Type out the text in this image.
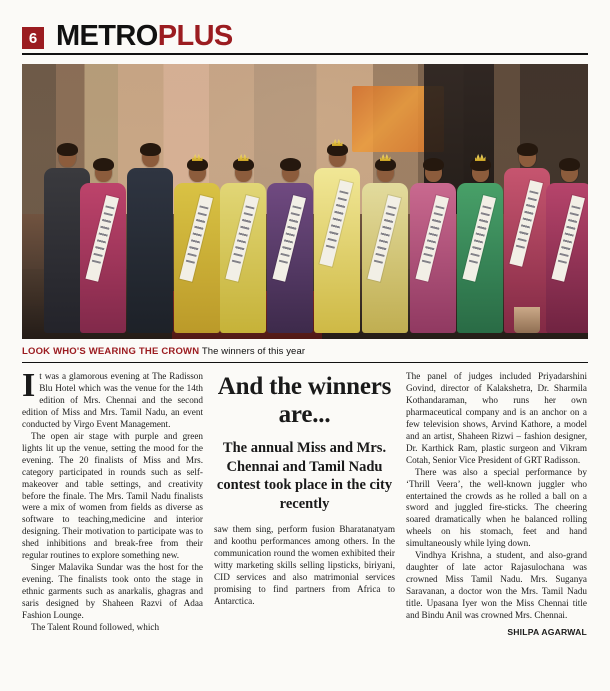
6 METROPLUS
LOOK WHO'S WEARING THE CROWN The winners of this year

It was a glamorous evening at The Radisson Blu Hotel which was the venue for the 14th edition of Mrs. Chennai and the second edition of Miss and Mrs. Tamil Nadu, an event conducted by Virgo Event Management.

The open air stage with purple and green lights lit up the venue, setting the mood for the evening. The 20 finalists of Miss and Mrs. category participated in rounds such as self- makeover and table settings, and creativity before the finale. The Mrs. Tamil Nadu finalists were a mix of women from fields as diverse as software to teaching,medicine and interior designing. Their motivation to participate was to shed inhibitions and break-free from their regular routines to explore something new.

Singer Malavika Sundar was the host for the evening. The finalists took onto the stage in ethnic garments such as anarkalis, ghagras and saris designed by Shaheen Razvi of Adaa Fashion Lounge.

The Talent Round followed, which

And the winners are...
The annual Miss and Mrs. Chennai and Tamil Nadu contest took place in the city recently

saw them sing, perform fusion Bharatanatyam and koothu performances among others. In the communication round the women exhibited their witty marketing skills selling lipsticks, biriyani, CID services and also matrimonial services promising to find partners from Africa to Antarctica.

The panel of judges included Priyadarshini Govind, director of Kalakshetra, Dr. Sharmila Kothandaraman, who runs her own pharmaceutical company and is an anchor on a few television shows, Arvind Kathore, a model and an artist, Shaheen Rizwi – fashion designer, Dr. Karthick Ram, plastic surgeon and Vikram Cotah, Senior Vice President of GRT Radisson.

There was also a special performance by ‘Thrill Veera’, the well-known juggler who entertained the crowds as he rolled a ball on a sword and juggled fire-sticks. The cheering soared dramatically when he balanced rolling wheels on his stomach, feet and hand simultaneously while lying down.

Vindhya Krishna, a student, and also-grand daughter of late actor Rajasulochana was crowned Miss Tamil Nadu. Mrs. Suganya Saravanan, a doctor won the Mrs. Tamil Nadu title. Upasana Iyer won the Miss Chennai title and Bindu Anil was crowned Mrs. Chennai.

SHILPA AGARWAL
